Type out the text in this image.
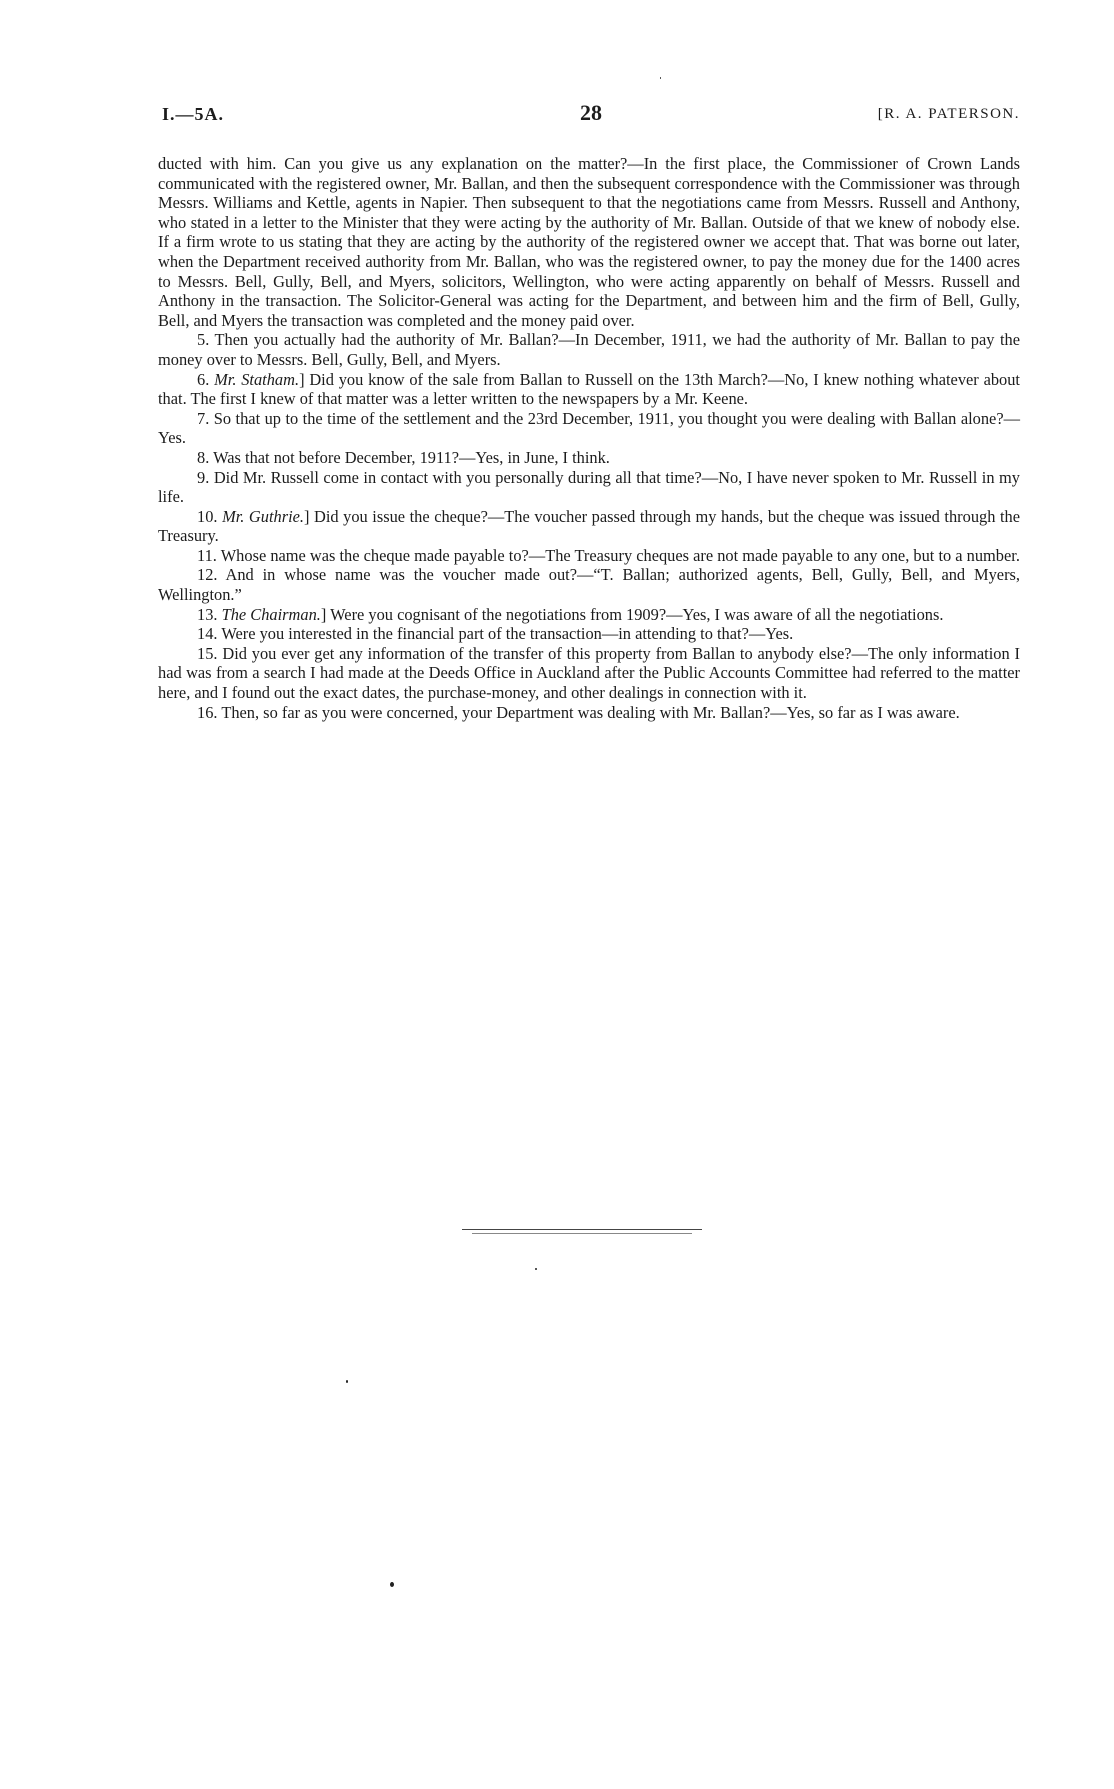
I.—5A.	28	[R. A. PATERSON.

ducted with him. Can you give us any explanation on the matter?—In the first place, the Commissioner of Crown Lands communicated with the registered owner, Mr. Ballan, and then the subsequent correspondence with the Commissioner was through Messrs. Williams and Kettle, agents in Napier. Then subsequent to that the negotiations came from Messrs. Russell and Anthony, who stated in a letter to the Minister that they were acting by the authority of Mr. Ballan. Outside of that we knew of nobody else. If a firm wrote to us stating that they are acting by the authority of the registered owner we accept that. That was borne out later, when the Department received authority from Mr. Ballan, who was the registered owner, to pay the money due for the 1400 acres to Messrs. Bell, Gully, Bell, and Myers, solicitors, Wellington, who were acting apparently on behalf of Messrs. Russell and Anthony in the transaction. The Solicitor-General was acting for the Department, and between him and the firm of Bell, Gully, Bell, and Myers the transaction was completed and the money paid over.

5. Then you actually had the authority of Mr. Ballan?—In December, 1911, we had the authority of Mr. Ballan to pay the money over to Messrs. Bell, Gully, Bell, and Myers.

6. Mr. Statham.] Did you know of the sale from Ballan to Russell on the 13th March?—No, I knew nothing whatever about that. The first I knew of that matter was a letter written to the newspapers by a Mr. Keene.

7. So that up to the time of the settlement and the 23rd December, 1911, you thought you were dealing with Ballan alone?—Yes.

8. Was that not before December, 1911?—Yes, in June, I think.

9. Did Mr. Russell come in contact with you personally during all that time?—No, I have never spoken to Mr. Russell in my life.

10. Mr. Guthrie.] Did you issue the cheque?—The voucher passed through my hands, but the cheque was issued through the Treasury.

11. Whose name was the cheque made payable to?—The Treasury cheques are not made payable to any one, but to a number.

12. And in whose name was the voucher made out?—“T. Ballan; authorized agents, Bell, Gully, Bell, and Myers, Wellington.”

13. The Chairman.] Were you cognisant of the negotiations from 1909?—Yes, I was aware of all the negotiations.

14. Were you interested in the financial part of the transaction—in attending to that?—Yes.

15. Did you ever get any information of the transfer of this property from Ballan to anybody else?—The only information I had was from a search I had made at the Deeds Office in Auckland after the Public Accounts Committee had referred to the matter here, and I found out the exact dates, the purchase-money, and other dealings in connection with it.

16. Then, so far as you were concerned, your Department was dealing with Mr. Ballan?—Yes, so far as I was aware.
